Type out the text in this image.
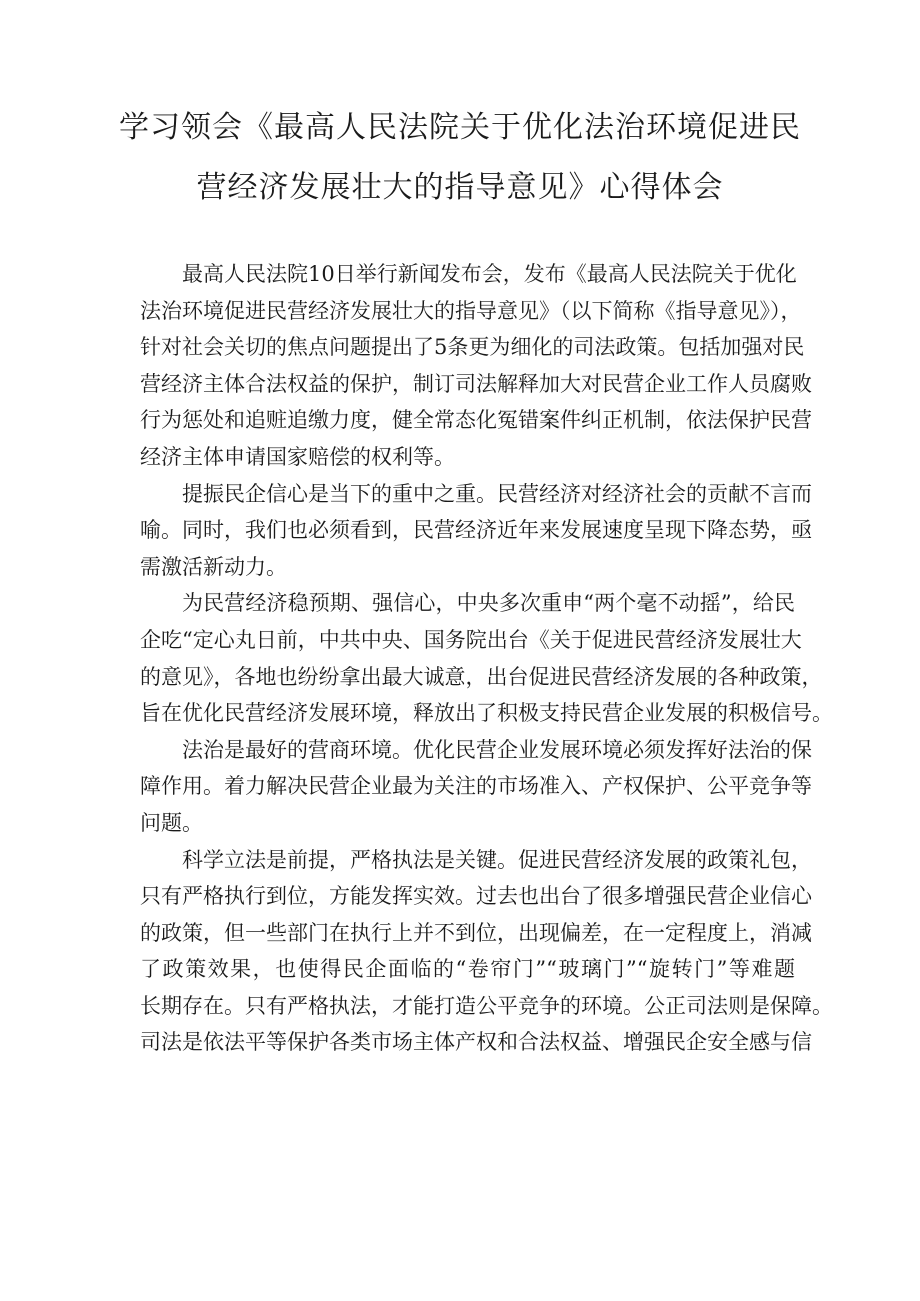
学习领会《最高人民法院关于优化法治环境促进民
营经济发展壮大的指导意见》心得体会
最高人民法院10日举行新闻发布会，发布《最高人民法院关于优化
法治环境促进民营经济发展壮大的指导意见》（以下简称《指导意见》），
针对社会关切的焦点问题提出了5条更为细化的司法政策。包括加强对民
营经济主体合法权益的保护，制订司法解释加大对民营企业工作人员腐败
行为惩处和追赃追缴力度，健全常态化冤错案件纠正机制，依法保护民营
经济主体申请国家赔偿的权利等。
提振民企信心是当下的重中之重。民营经济对经济社会的贡献不言而
喻。同时，我们也必须看到，民营经济近年来发展速度呈现下降态势，亟
需激活新动力。
为民营经济稳预期、强信心，中央多次重申“两个毫不动摇”，给民
企吃“定心丸日前，中共中央、国务院出台《关于促进民营经济发展壮大
的意见》，各地也纷纷拿出最大诚意，出台促进民营经济发展的各种政策，
旨在优化民营经济发展环境，释放出了积极支持民营企业发展的积极信号。
法治是最好的营商环境。优化民营企业发展环境必须发挥好法治的保
障作用。着力解决民营企业最为关注的市场准入、产权保护、公平竞争等
问题。
科学立法是前提，严格执法是关键。促进民营经济发展的政策礼包，
只有严格执行到位，方能发挥实效。过去也出台了很多增强民营企业信心
的政策，但一些部门在执行上并不到位，出现偏差，在一定程度上，消减
了政策效果，也使得民企面临的“卷帘门”“玻璃门”“旋转门”等难题
长期存在。只有严格执法，才能打造公平竞争的环境。公正司法则是保障。
司法是依法平等保护各类市场主体产权和合法权益、增强民企安全感与信
